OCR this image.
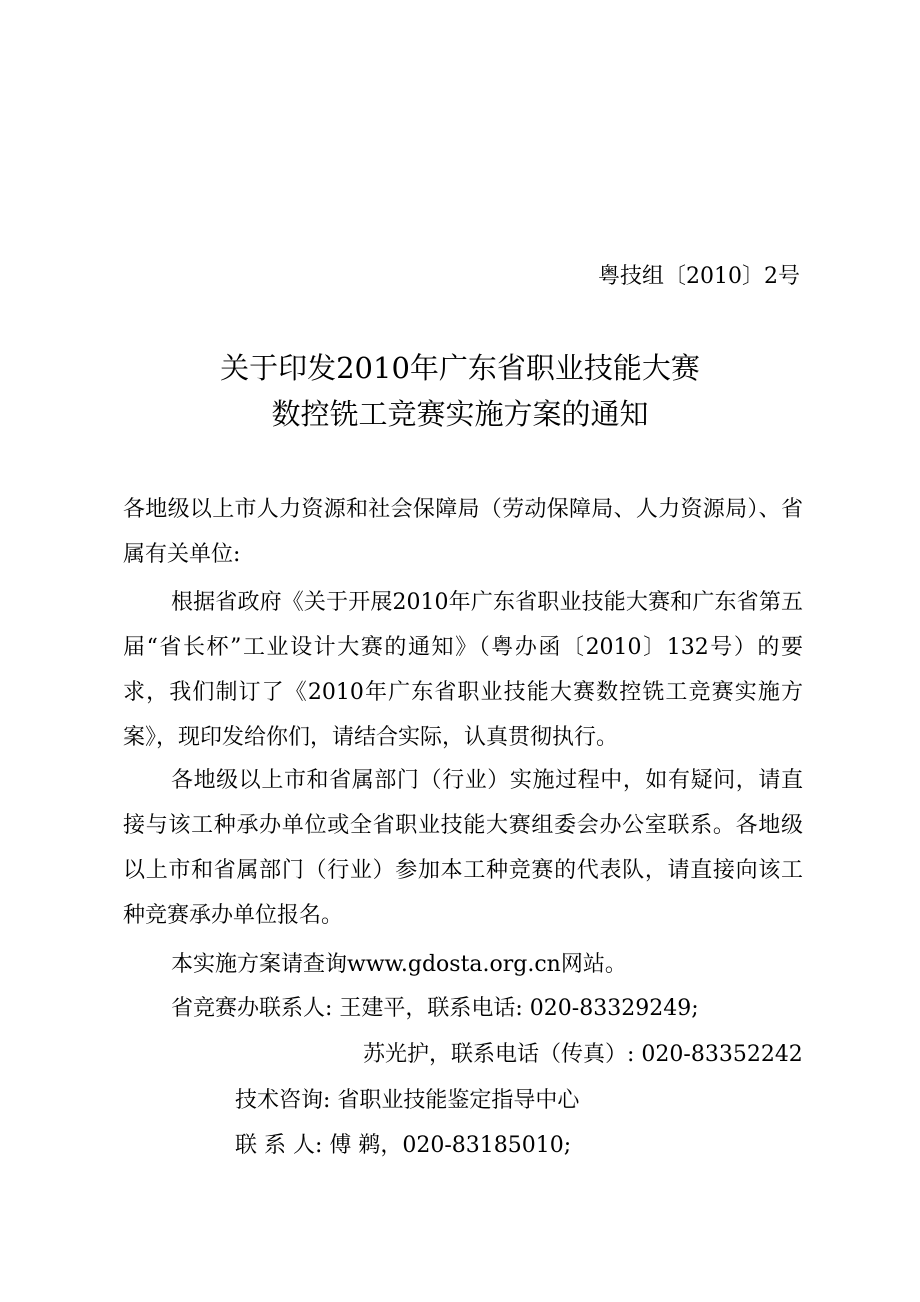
粤技组〔2010〕2号
关于印发2010年广东省职业技能大赛
数控铣工竞赛实施方案的通知
各地级以上市人力资源和社会保障局（劳动保障局、人力资源局）、省属有关单位:
根据省政府《关于开展2010年广东省职业技能大赛和广东省第五届“省长杯”工业设计大赛的通知》（粤办函〔2010〕132号）的要求，我们制订了《2010年广东省职业技能大赛数控铣工竞赛实施方案》，现印发给你们，请结合实际，认真贯彻执行。
各地级以上市和省属部门（行业）实施过程中，如有疑问，请直接与该工种承办单位或全省职业技能大赛组委会办公室联系。各地级以上市和省属部门（行业）参加本工种竞赛的代表队，请直接向该工种竞赛承办单位报名。
本实施方案请查询www.gdosta.org.cn网站。
省竞赛办联系人: 王建平，联系电话: 020-83329249;
苏光护，联系电话（传真）: 020-83352242
技术咨询: 省职业技能鉴定指导中心
联 系 人: 傅 鹈，020-83185010;
